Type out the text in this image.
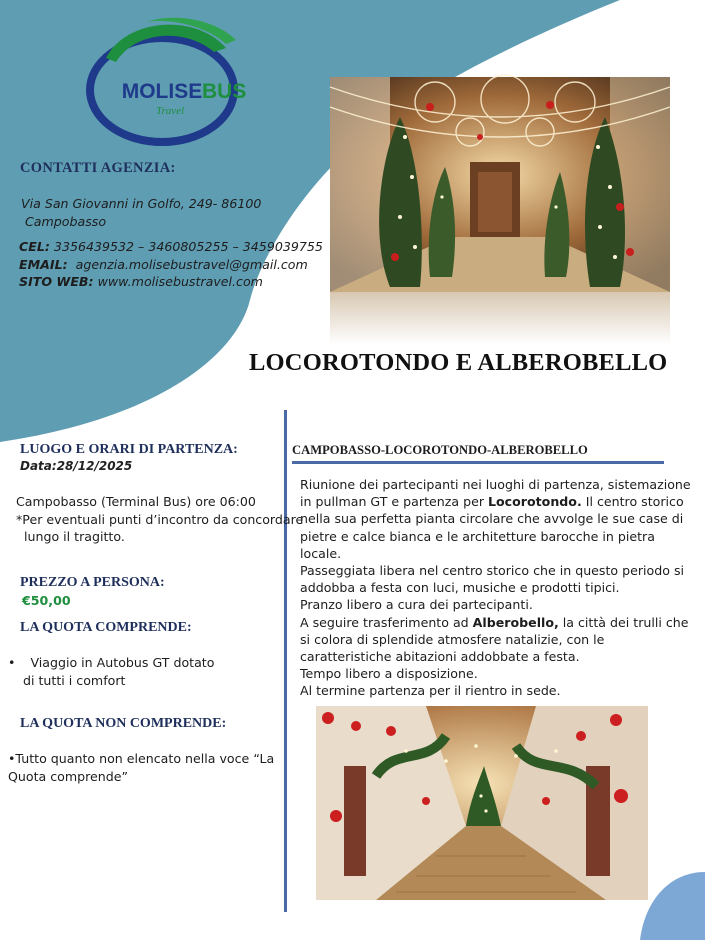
MOLISE BUS
Travel
CONTATTI AGENZIA:
Via San Giovanni in Golfo, 249- 86100
Campobasso
CEL: 3356439532 – 3460805255 – 3459039755
EMAIL:  agenzia.molisebustravel@gmail.com
SITO WEB: www.molisebustravel.com
LOCOROTONDO E ALBEROBELLO
LUOGO E ORARI DI PARTENZA:
Data:28/12/2025
Campobasso (Terminal Bus) ore 06:00
*Per eventuali punti d’incontro da concordare
lungo il tragitto.
PREZZO A PERSONA:
€50,00
LA QUOTA COMPRENDE:
• Viaggio in Autobus GT dotato
di tutti i comfort
LA QUOTA NON COMPRENDE:
•Tutto quanto non elencato nella voce “La Quota comprende”
CAMPOBASSO-LOCOROTONDO-ALBEROBELLO
Riunione dei partecipanti nei luoghi di partenza, sistemazione in pullman GT e partenza per Locorotondo. Il centro storico nella sua perfetta pianta circolare che avvolge le sue case di pietre e calce bianca e le architetture barocche in pietra locale.
Passeggiata libera nel centro storico che in questo periodo si addobba a festa con luci, musiche e prodotti tipici.
Pranzo libero a cura dei partecipanti.
A seguire trasferimento ad Alberobello, la città dei trulli che si colora di splendide atmosfere natalizie, con le caratteristiche abitazioni addobbate a festa.
Tempo libero a disposizione.
Al termine partenza per il rientro in sede.
